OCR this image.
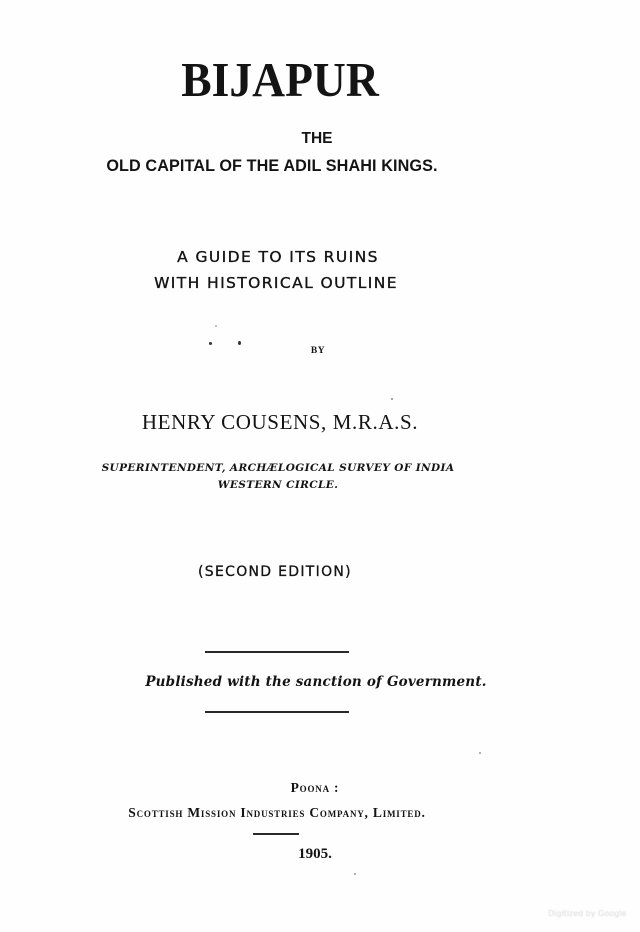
BIJAPUR
THE
OLD CAPITAL OF THE ADIL SHAHI KINGS.
A GUIDE TO ITS RUINS
WITH HISTORICAL OUTLINE
BY
HENRY COUSENS, M.R.A.S.
SUPERINTENDENT, ARCHÆLOGICAL SURVEY OF INDIA
WESTERN CIRCLE.
(SECOND EDITION)
Published with the sanction of Government.
Poona :
Scottish Mission Industries Company, Limited.
1905.
Digitized by Google
